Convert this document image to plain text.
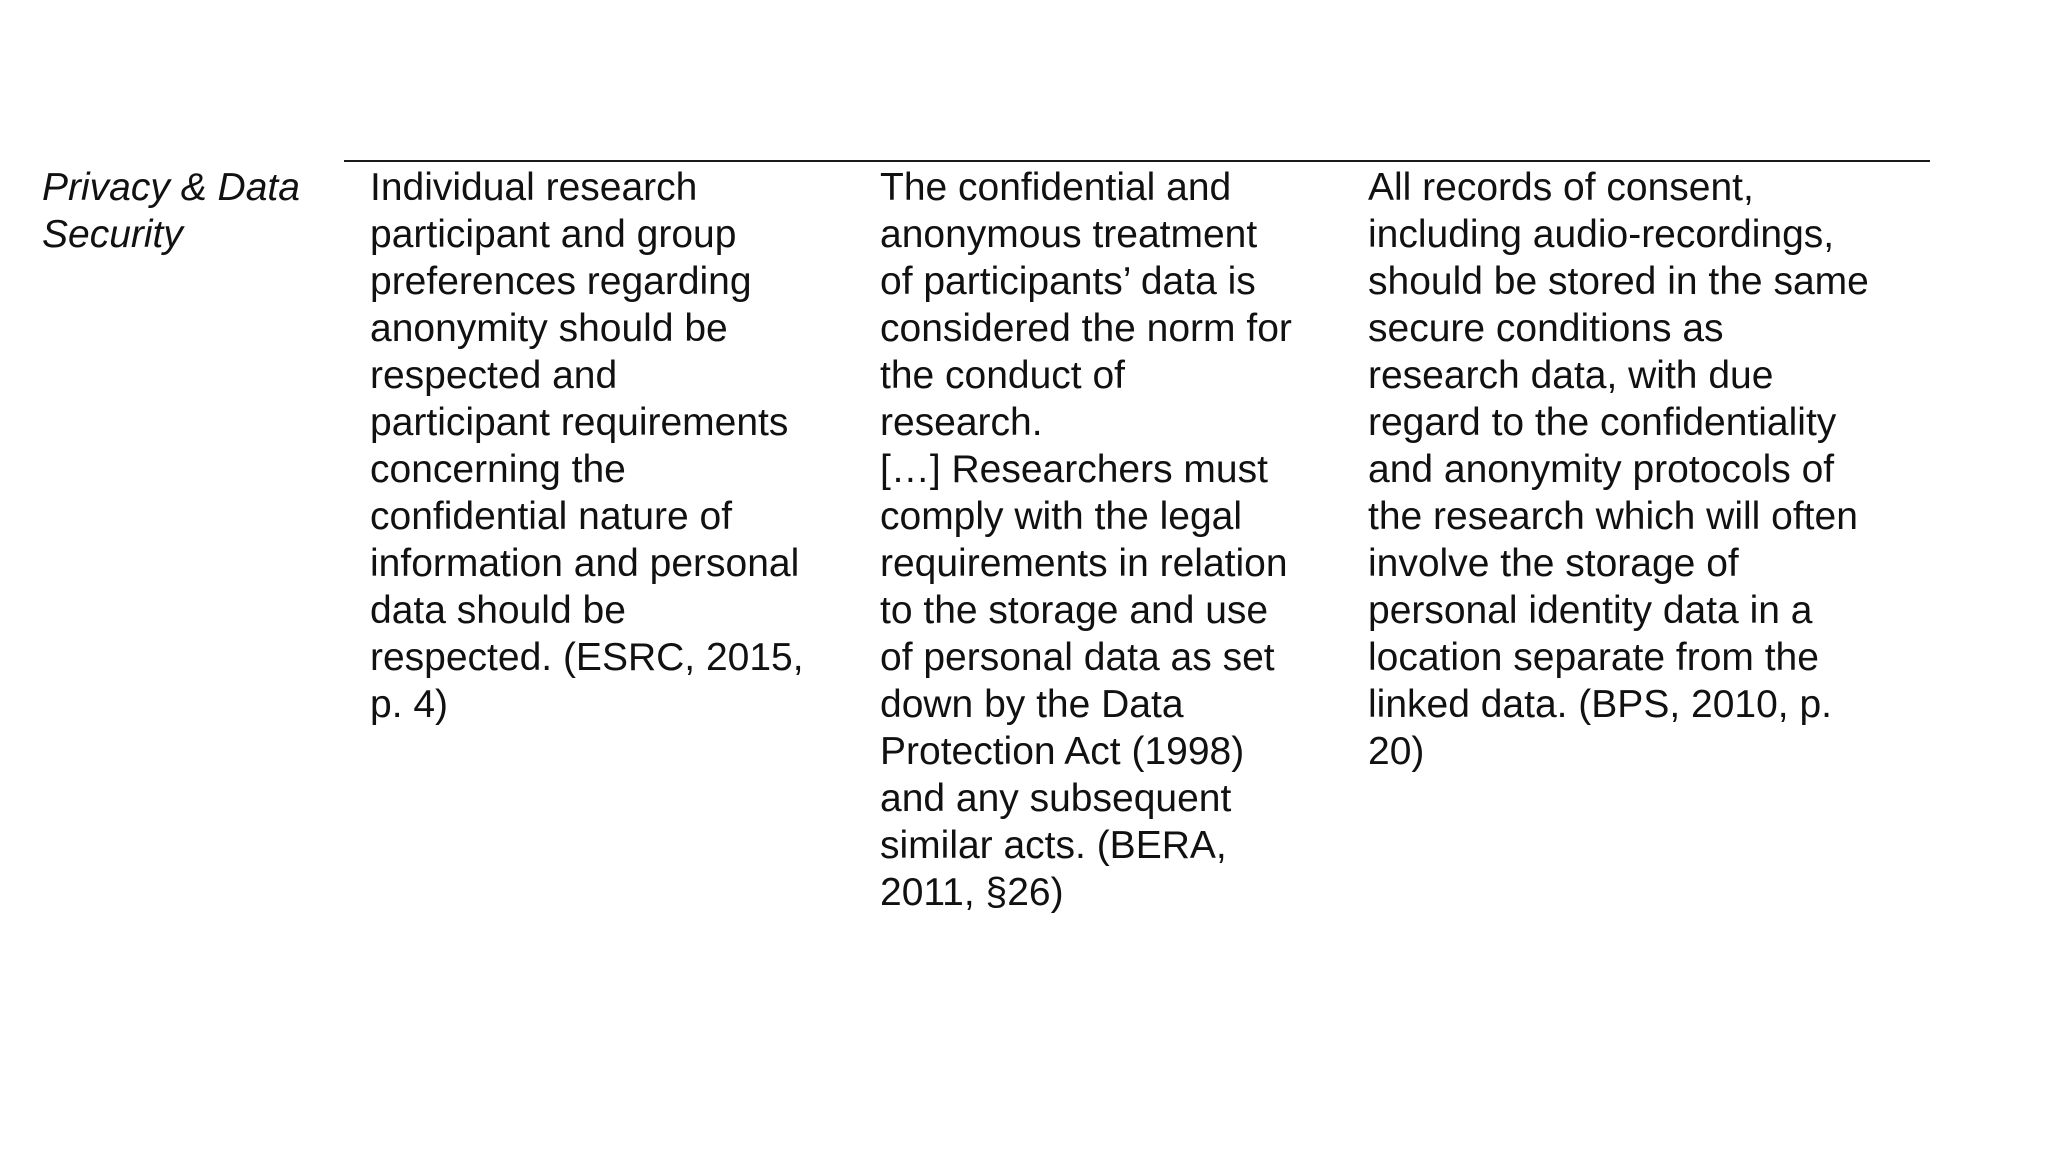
Privacy & Data
Security

Individual research
participant and group
preferences regarding
anonymity should be
respected and
participant requirements
concerning the
confidential nature of
information and personal
data should be
respected. (ESRC, 2015,
p. 4)

The confidential and
anonymous treatment
of participants’ data is
considered the norm for
the conduct of
research.

[…] Researchers must
comply with the legal
requirements in relation
to the storage and use
of personal data as set
down by the Data
Protection Act (1998)
and any subsequent
similar acts. (BERA,
2011, §26)

All records of consent,
including audio-recordings,
should be stored in the same
secure conditions as
research data, with due
regard to the confidentiality
and anonymity protocols of
the research which will often
involve the storage of
personal identity data in a
location separate from the
linked data. (BPS, 2010, p.
20)
